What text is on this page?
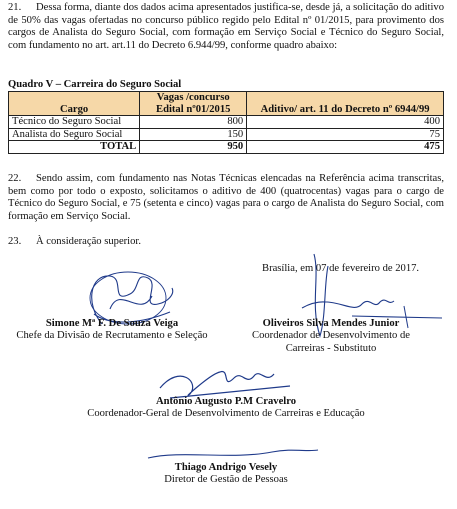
21. Dessa forma, diante dos dados acima apresentados justifica-se, desde já, a solicitação do aditivo de 50% das vagas ofertadas no concurso público regido pelo Edital nº 01/2015, para provimento dos cargos de Analista do Seguro Social, com formação em Serviço Social e Técnico do Seguro Social, com fundamento no art. art.11 do Decreto 6.944/99, conforme quadro abaixo:

Quadro V – Carreira do Seguro Social
Cargo	Vagas /concurso Edital nº01/2015	Aditivo/ art. 11 do Decreto nº 6944/99
Técnico do Seguro Social	800	400
Analista do Seguro Social	150	75
TOTAL	950	475

22. Sendo assim, com fundamento nas Notas Técnicas elencadas na Referência acima transcritas, bem como por todo o exposto, solicitamos o aditivo de 400 (quatrocentas) vagas para o cargo de Técnico do Seguro Social, e 75 (setenta e cinco) vagas para o cargo de Analista do Seguro Social, com formação em Serviço Social.

23. À consideração superior.

Brasília, em 07 de fevereiro de 2017.
Simone Mª F. De Souza Veiga
Chefe da Divisão de Recrutamento e Seleção
Oliveiros Silva Mendes Junior
Coordenador de Desenvolvimento de Carreiras - Substituto
Antônio Augusto P.M Cravelro
Coordenador-Geral de Desenvolvimento de Carreiras e Educação
Thiago Andrigo Vesely
Diretor de Gestão de Pessoas
